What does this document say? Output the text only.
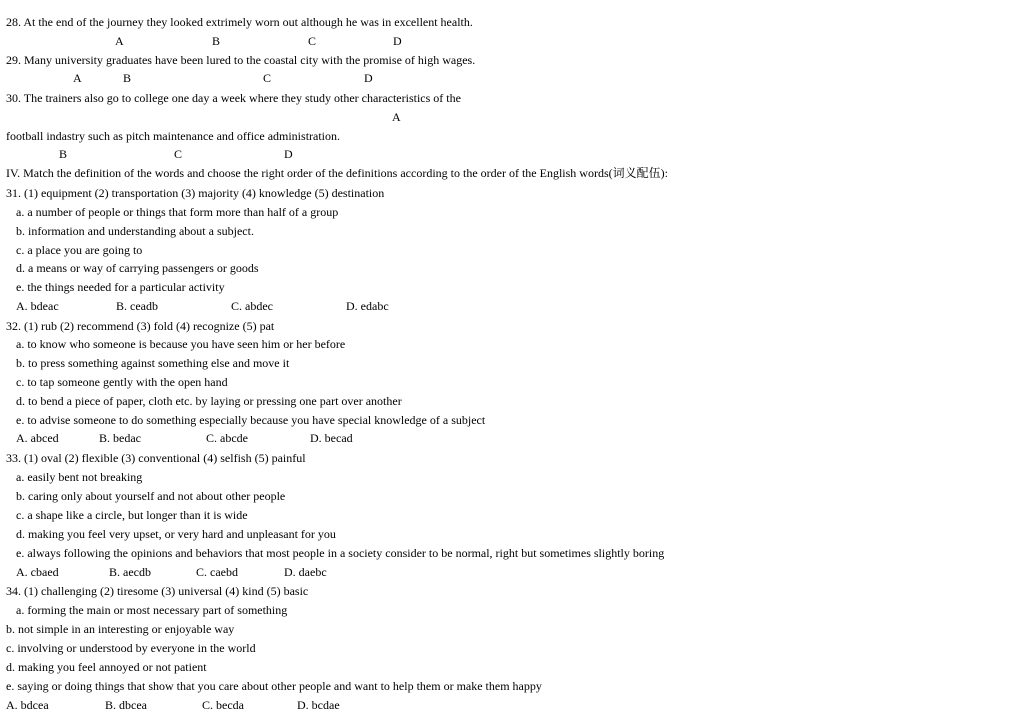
28. At the end of the journey they looked extrimely worn out although he was in excellent health.
A	B	C	D
29. Many university graduates have been lured to the coastal city with the promise of high wages.
A	B	C	D
30. The trainers also go to college one day a week where they study other characteristics of the
A
football indastry such as pitch maintenance and office administration.
B	C	D
IV. Match the definition of the words and choose the right order of the definitions according to the order of the English words(词义配伍):
31. (1) equipment (2) transportation (3) majority (4) knowledge (5) destination
a. a number of people or things that form more than half of a group
b. information and understanding about a subject.
c. a place you are going to
d. a means or way of carrying passengers or goods
e. the things needed for a particular activity
A. bdeac	B. ceadb	C. abdec	D. edabc
32. (1) rub (2) recommend (3) fold (4) recognize (5) pat
a. to know who someone is because you have seen him or her before
b. to press something against something else and move it
c. to tap someone gently with the open hand
d. to bend a piece of paper, cloth etc. by laying or pressing one part over another
e. to advise someone to do something especially because you have special knowledge of a subject
A. abced	B. bedac	C. abcde	D. becad
33. (1) oval (2) flexible (3) conventional (4) selfish (5) painful
a. easily bent not breaking
b. caring only about yourself and not about other people
c. a shape like a circle, but longer than it is wide
d. making you feel very upset, or very hard and unpleasant for you
e. always following the opinions and behaviors that most people in a society consider to be normal, right but sometimes slightly boring
A. cbaed	B. aecdb	C. caebd	D. daebc
34. (1) challenging (2) tiresome (3) universal (4) kind (5) basic
a. forming the main or most necessary part of something
b. not simple in an interesting or enjoyable way
c. involving or understood by everyone in the world
d. making you feel annoyed or not patient
e. saying or doing things that show that you care about other people and want to help them or make them happy
A. bdcea	B. dbcea	C. becda	D. bcdae
